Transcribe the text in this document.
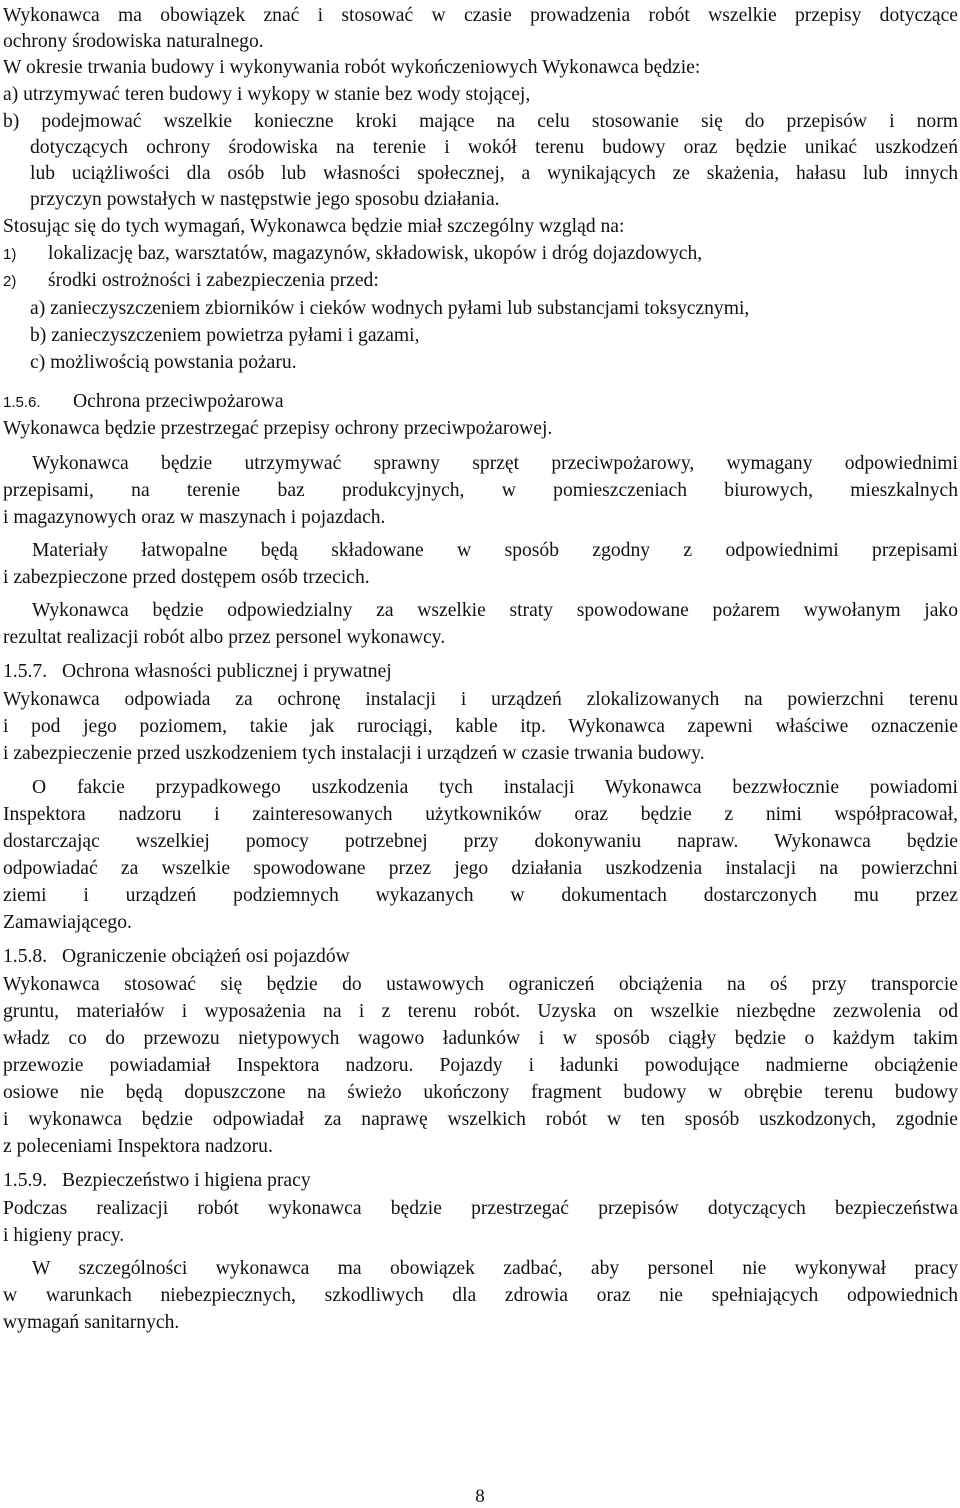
Wykonawca ma obowiązek znać i stosować w czasie prowadzenia robót wszelkie przepisy dotyczące
ochrony środowiska naturalnego.
W okresie trwania budowy i wykonywania robót wykończeniowych Wykonawca będzie:
a) utrzymywać teren budowy i wykopy w stanie bez wody stojącej,
b) podejmować wszelkie konieczne kroki mające na celu stosowanie się do przepisów i norm
dotyczących ochrony środowiska na terenie i wokół terenu budowy oraz będzie unikać uszkodzeń
lub uciążliwości dla osób lub własności społecznej, a wynikających ze skażenia, hałasu lub innych
przyczyn powstałych w następstwie jego sposobu działania.
Stosując się do tych wymagań, Wykonawca będzie miał szczególny wzgląd na:
1) lokalizację baz, warsztatów, magazynów, składowisk, ukopów i dróg dojazdowych,
2) środki ostrożności i zabezpieczenia przed:
a) zanieczyszczeniem zbiorników i cieków wodnych pyłami lub substancjami toksycznymi,
b) zanieczyszczeniem powietrza pyłami i gazami,
c) możliwością powstania pożaru.
1.5.6. Ochrona przeciwpożarowa
Wykonawca będzie przestrzegać przepisy ochrony przeciwpożarowej.
Wykonawca będzie utrzymywać sprawny sprzęt przeciwpożarowy, wymagany odpowiednimi
przepisami, na terenie baz produkcyjnych, w pomieszczeniach biurowych, mieszkalnych
i magazynowych oraz w maszynach i pojazdach.
Materiały łatwopalne będą składowane w sposób zgodny z odpowiednimi przepisami
i zabezpieczone przed dostępem osób trzecich.
Wykonawca będzie odpowiedzialny za wszelkie straty spowodowane pożarem wywołanym jako
rezultat realizacji robót albo przez personel wykonawcy.
1.5.7. Ochrona własności publicznej i prywatnej
Wykonawca odpowiada za ochronę instalacji i urządzeń zlokalizowanych na powierzchni terenu
i pod jego poziomem, takie jak rurociągi, kable itp. Wykonawca zapewni właściwe oznaczenie
i zabezpieczenie przed uszkodzeniem tych instalacji i urządzeń w czasie trwania budowy.
O fakcie przypadkowego uszkodzenia tych instalacji Wykonawca bezzwłocznie powiadomi
Inspektora nadzoru i zainteresowanych użytkowników oraz będzie z nimi współpracował,
dostarczając wszelkiej pomocy potrzebnej przy dokonywaniu napraw. Wykonawca będzie
odpowiadać za wszelkie spowodowane przez jego działania uszkodzenia instalacji na powierzchni
ziemi i urządzeń podziemnych wykazanych w dokumentach dostarczonych mu przez
Zamawiającego.
1.5.8. Ograniczenie obciążeń osi pojazdów
Wykonawca stosować się będzie do ustawowych ograniczeń obciążenia na oś przy transporcie
gruntu, materiałów i wyposażenia na i z terenu robót. Uzyska on wszelkie niezbędne zezwolenia od
władz co do przewozu nietypowych wagowo ładunków i w sposób ciągły będzie o każdym takim
przewozie powiadamiał Inspektora nadzoru. Pojazdy i ładunki powodujące nadmierne obciążenie
osiowe nie będą dopuszczone na świeżo ukończony fragment budowy w obrębie terenu budowy
i wykonawca będzie odpowiadał za naprawę wszelkich robót w ten sposób uszkodzonych, zgodnie
z poleceniami Inspektora nadzoru.
1.5.9. Bezpieczeństwo i higiena pracy
Podczas realizacji robót wykonawca będzie przestrzegać przepisów dotyczących bezpieczeństwa
i higieny pracy.
W szczególności wykonawca ma obowiązek zadbać, aby personel nie wykonywał pracy
w warunkach niebezpiecznych, szkodliwych dla zdrowia oraz nie spełniających odpowiednich
wymagań sanitarnych.
8
